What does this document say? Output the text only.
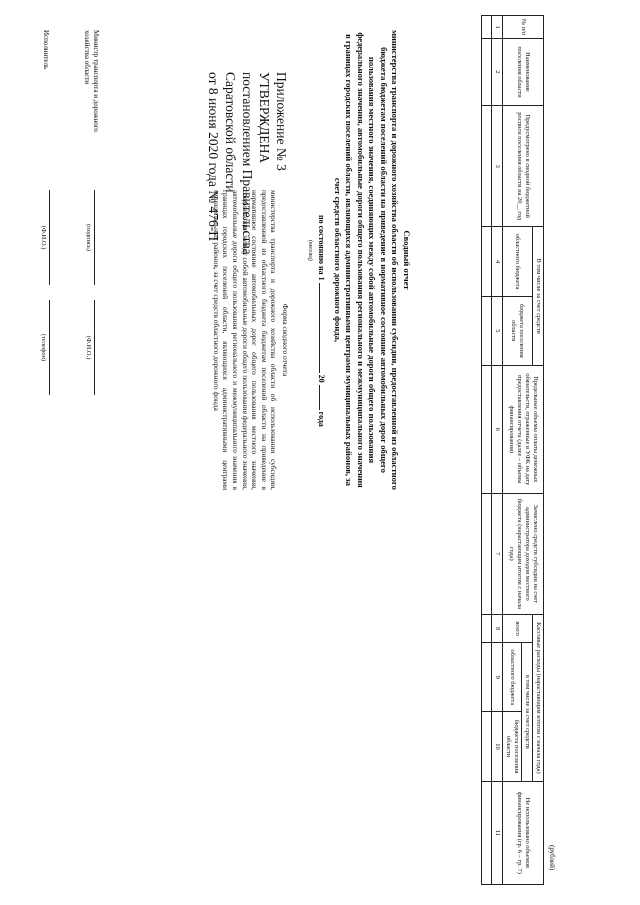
Приложение № 3
УТВЕРЖДЕНА
постановлением Правительства
Саратовской области
от 8 июня 2020 года № 476-П
Форма сводного отчета
министерства транспорта и дорожного хозяйства области об использовании субсидии, предоставленной из областного бюджета бюджетам поселений области на приведение в нормативное состояние автомобильных дорог общего пользования местного значения, соединяющих между собой автомобильные дороги общего пользования федерального значения, автомобильные дороги общего пользования регионального и межмуниципального значения в границах городских поселений области, являющихся административными центрами муниципальных районов, за счет средств областного дорожного фонда	Сводный отчет
министерства транспорта и дорожного хозяйства области об использовании субсидии, предоставленной из областного бюджета бюджетам поселений области на приведение в нормативное состояние автомобильных дорог общего пользования местного значения, соединяющих между собой автомобильные дороги общего пользования федерального значения, автомобильные дороги общего пользования регионального и межмуниципального значения в границах городских поселений области, являющихся административными центрами муниципальных районов, за счет средств областного дорожного фонда,
по состоянию на 1  20  года
(месяц)
(рублей)
№ п/п	Наименование поселения области	Предусмотрено в сводной бюджетной росписи поселения области на 20__ год	В том числе за счет средств		Предельные объемы оплаты денежных обязательств, отраженные в УФК на дату предоставления отчета (далее – объемы финансирования)	Зачислено средств субсидии на счет администратора доходов местного бюджета (нарастающим итогом с начала года)	Кассовые расходы (нарастающим итогом с начала года)			Не использовано объемов финансирования (гр. 6 – гр. 7)
			областного бюджета	бюджета поселения области			всего	в том числе за счет средств		
								областного бюджета	бюджета поселения области	
1	2	3	4	5	6	7	8	9	10	11

Министр транспорта и дорожного хозяйства области
(подпись)
(Ф.И.О.)
Исполнитель
(Ф.И.О.)
(телефон)
